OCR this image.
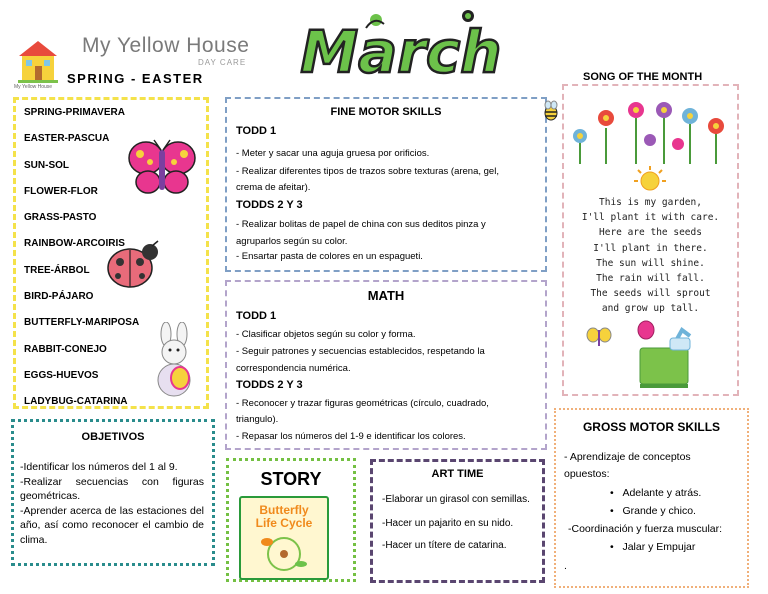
My Yellow House
DAY CARE
My Yellow House
SPRING - EASTER March
SPRING-PRIMAVERA
EASTER-PASCUA
SUN-SOL
FLOWER-FLOR
GRASS-PASTO
RAINBOW-ARCOIRIS
TREE-ÁRBOL
BIRD-PÁJARO
BUTTERFLY-MARIPOSA
RABBIT-CONEJO
EGGS-HUEVOS
LADYBUG-CATARINA
OBJETIVOS
-Identificar los números del 1 al 9.
-Realizar secuencias con figuras geométricas.
-Aprender acerca de las estaciones del año, así como reconocer el cambio de clima.
FINE MOTOR SKILLS
TODD 1
- Meter y sacar una aguja gruesa por orificios.
- Realizar diferentes tipos de trazos sobre texturas (arena, gel,
crema de afeitar).
TODDS 2 Y 3
- Realizar bolitas de papel de china con sus deditos pinza y
agruparlos según su color.
- Ensartar pasta de colores en un espagueti.
MATH
TODD 1
- Clasificar objetos según su color y forma.
- Seguir patrones y secuencias establecidos, respetando la
correspondencia numérica.
TODDS 2 Y 3
- Reconocer y trazar figuras geométricas (círculo, cuadrado,
triangulo).
- Repasar los números del 1-9 e identificar los colores.
STORY
Butterfly
Life Cycle
ART TIME
-Elaborar un girasol con semillas.
-Hacer un pajarito en su nido.
-Hacer un títere de catarina.
SONG OF THE MONTH
This is my garden,
I'll plant it with care.
Here are the seeds
I'll plant in there.
The sun will shine.
The rain will fall.
The seeds will sprout
and grow up tall.
GROSS MOTOR SKILLS
- Aprendizaje de conceptos
opuestos:
•   Adelante y atrás.
•   Grande y chico.
-Coordinación y fuerza muscular:
•   Jalar y Empujar
.
